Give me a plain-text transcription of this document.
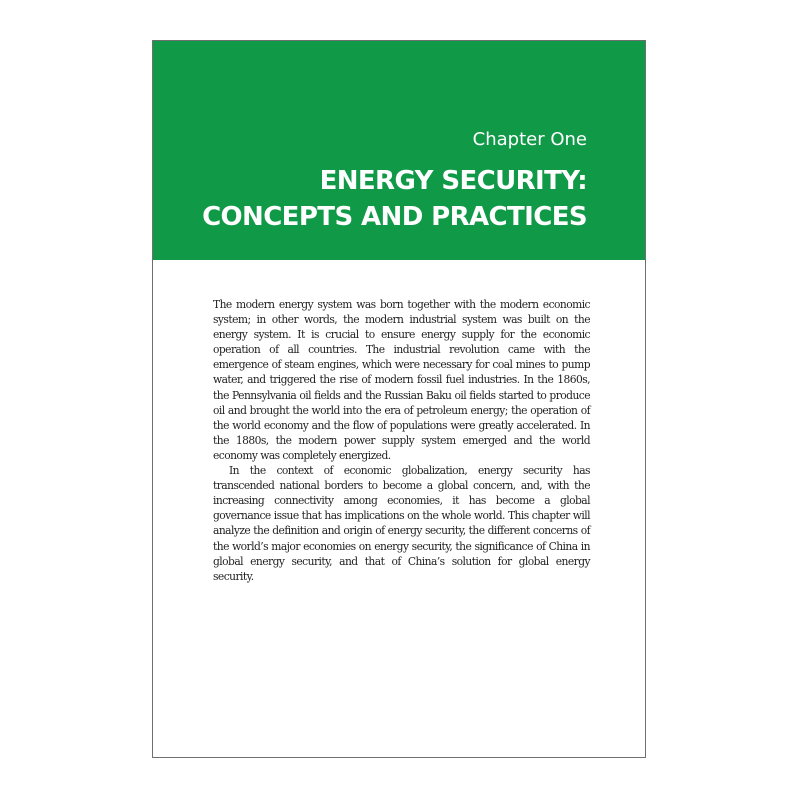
Chapter One
ENERGY SECURITY:
CONCEPTS AND PRACTICES

The modern energy system was born together with the modern economic system; in other words, the modern industrial system was built on the energy system. It is crucial to ensure energy supply for the economic operation of all countries. The industrial revolution came with the emergence of steam engines, which were necessary for coal mines to pump water, and triggered the rise of modern fossil fuel industries. In the 1860s, the Pennsylvania oil fields and the Russian Baku oil fields started to produce oil and brought the world into the era of petroleum energy; the operation of the world economy and the flow of populations were greatly accelerated. In the 1880s, the modern power supply system emerged and the world economy was completely energized.

In the context of economic globalization, energy security has transcended national borders to become a global concern, and, with the increasing connectivity among economies, it has become a global governance issue that has implications on the whole world. This chapter will analyze the definition and origin of energy security, the different concerns of the world’s major economies on energy security, the significance of China in global energy security, and that of China’s solution for global energy security.
